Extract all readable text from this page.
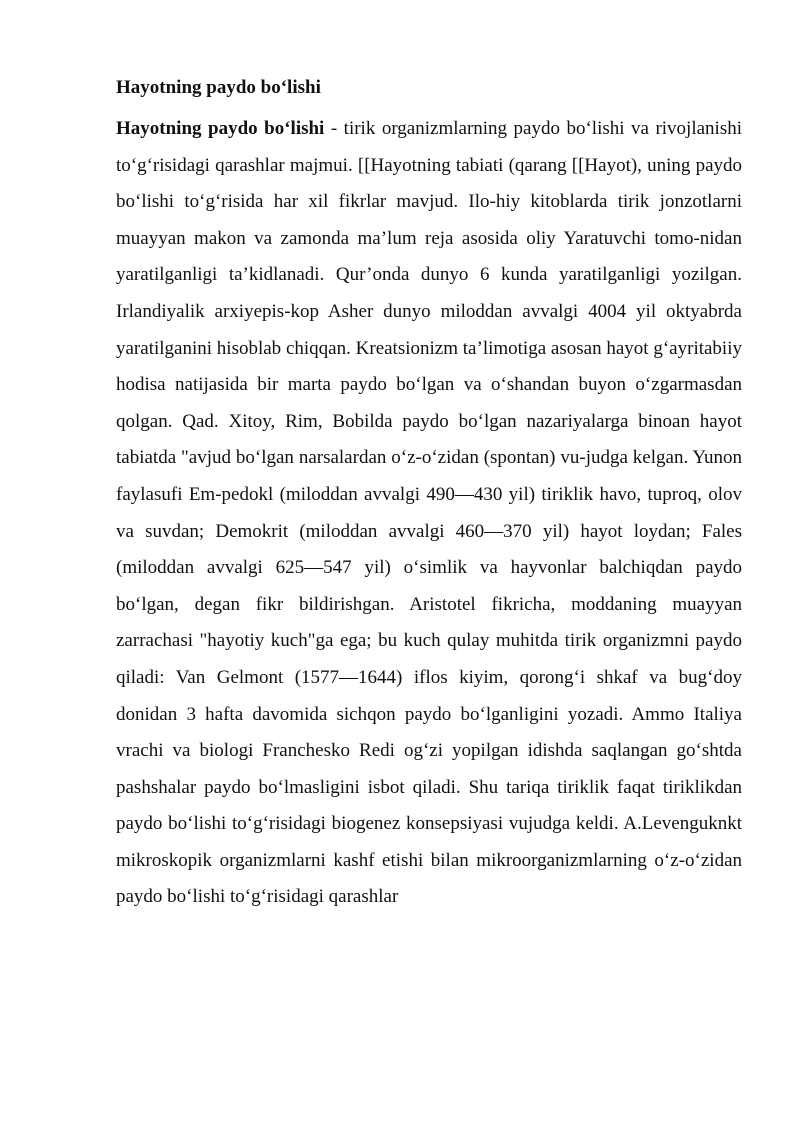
Hayotning paydo bo‘lishi

Hayotning paydo bo‘lishi - tirik organizmlarning paydo bo‘lishi va rivojlanishi to‘g‘risidagi qarashlar majmui. [[Hayotning tabiati (qarang [[Hayot), uning paydo bo‘lishi to‘g‘risida har xil fikrlar mavjud. Ilo-hiy kitoblarda tirik jonzotlarni muayyan makon va zamonda ma’lum reja asosida oliy Yaratuvchi tomo-nidan yaratilganligi ta’kidlanadi. Qur’onda dunyo 6 kunda yaratilganligi yozilgan. Irlandiyalik arxiyepis-kop Asher dunyo miloddan avvalgi 4004 yil oktyabrda yaratilganini hisoblab chiqqan. Kreatsionizm ta’limotiga asosan hayot g‘ayritabiiy hodisa natijasida bir marta paydo bo‘lgan va o‘shandan buyon o‘zgarmasdan qolgan. Qad. Xitoy, Rim, Bobilda paydo bo‘lgan nazariyalarga binoan hayot tabiatda "avjud bo‘lgan narsalardan o‘z-o‘zidan (spontan) vu-judga kelgan. Yunon faylasufi Em-pedokl (miloddan avvalgi 490—430 yil) tiriklik havo, tuproq, olov va suvdan; Demokrit (miloddan avvalgi 460—370 yil) hayot loydan; Fales (miloddan avvalgi 625—547 yil) o‘simlik va hayvonlar balchiqdan paydo bo‘lgan, degan fikr bildirishgan. Aristotel fikricha, moddaning muayyan zarrachasi "hayotiy kuch"ga ega; bu kuch qulay muhitda tirik organizmni paydo qiladi: Van Gelmont (1577—1644) iflos kiyim, qorong‘i shkaf va bug‘doy donidan 3 hafta davomida sichqon paydo bo‘lganligini yozadi. Ammo Italiya vrachi va biologi Franchesko Redi og‘zi yopilgan idishda saqlangan go‘shtda pashshalar paydo bo‘lmasligini isbot qiladi. Shu tariqa tiriklik faqat tiriklikdan paydo bo‘lishi to‘g‘risidagi biogenez konsepsiyasi vujudga keldi. A.Levenguknkt mikroskopik organizmlarni kashf etishi bilan mikroorganizmlarning o‘z-o‘zidan paydo bo‘lishi to‘g‘risidagi qarashlar
